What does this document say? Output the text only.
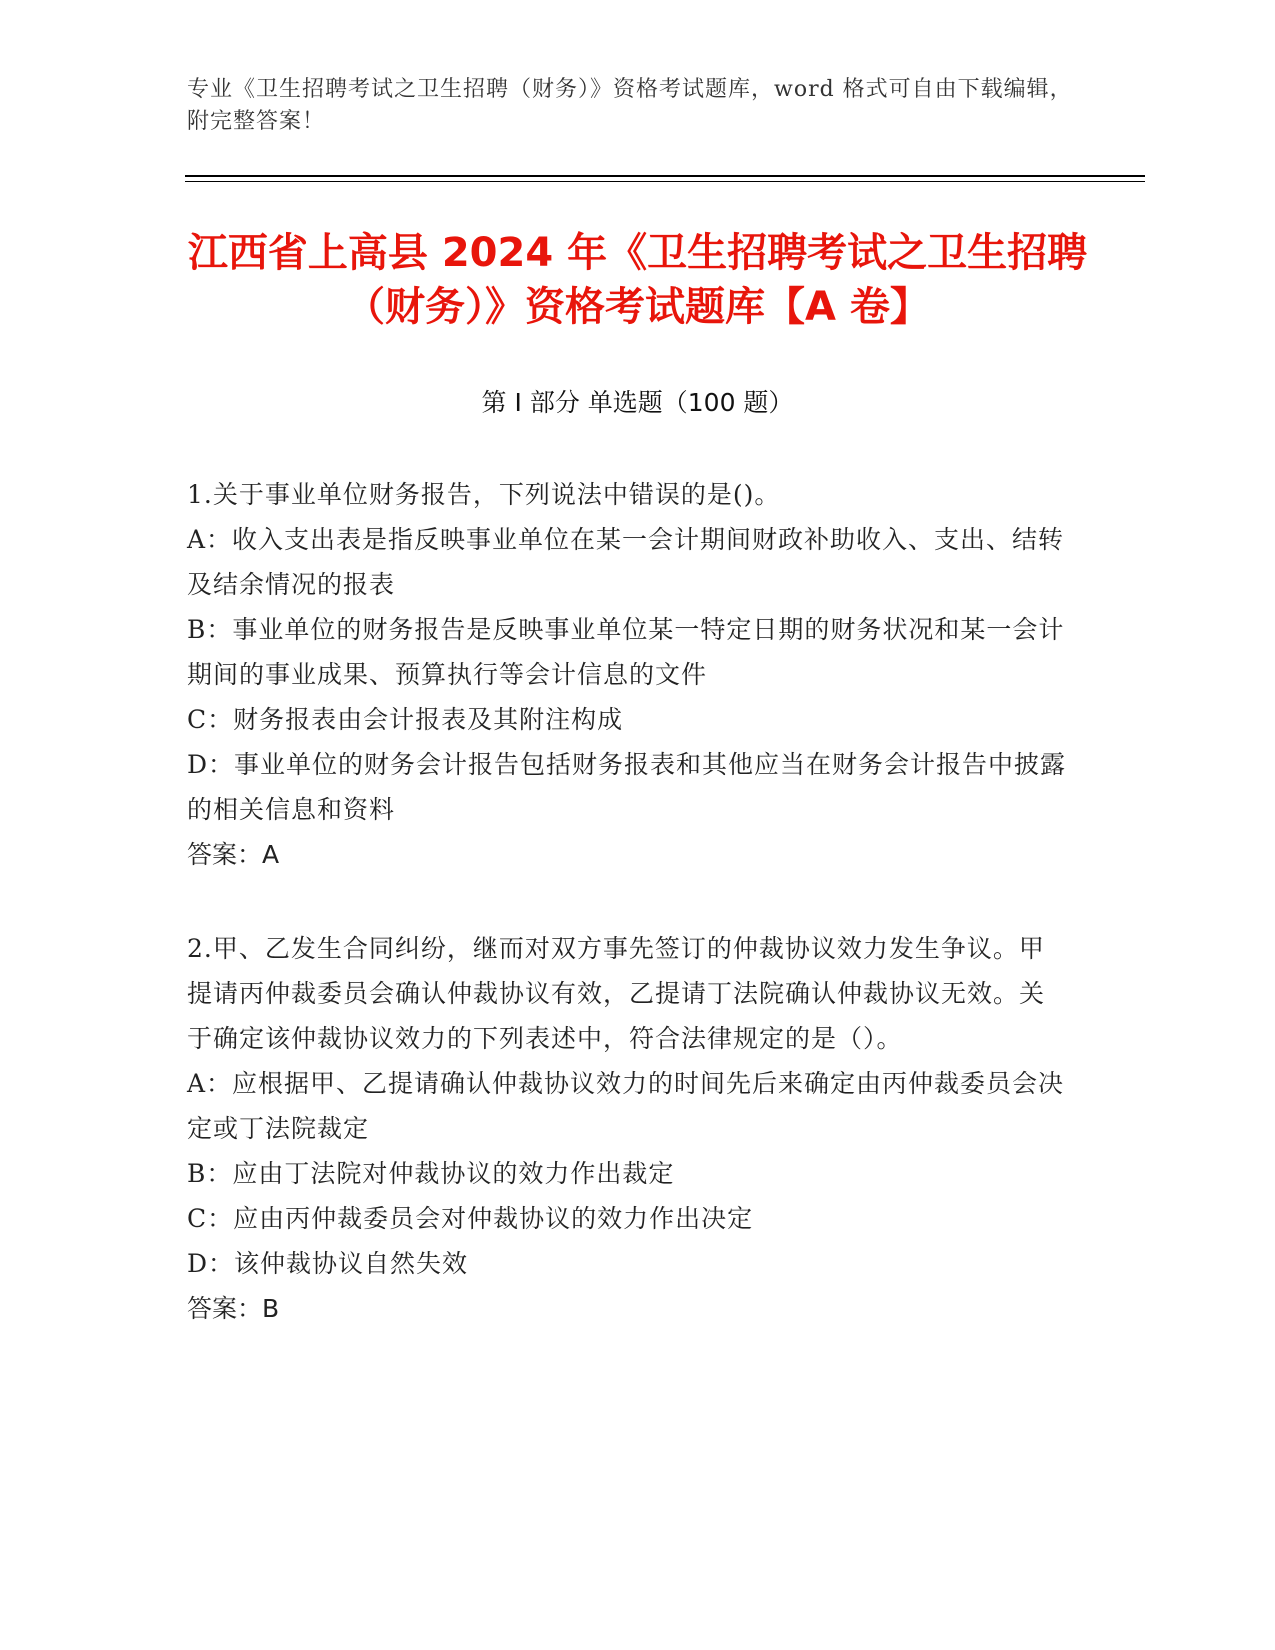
专业《卫生招聘考试之卫生招聘（财务）》资格考试题库，word 格式可自由下载编辑，附完整答案！
江西省上高县 2024 年《卫生招聘考试之卫生招聘（财务）》资格考试题库【A 卷】
第 I 部分 单选题（100 题）
1.关于事业单位财务报告，下列说法中错误的是()。
A：收入支出表是指反映事业单位在某一会计期间财政补助收入、支出、结转及结余情况的报表
B：事业单位的财务报告是反映事业单位某一特定日期的财务状况和某一会计期间的事业成果、预算执行等会计信息的文件
C：财务报表由会计报表及其附注构成
D：事业单位的财务会计报告包括财务报表和其他应当在财务会计报告中披露的相关信息和资料
答案：A
2.甲、乙发生合同纠纷，继而对双方事先签订的仲裁协议效力发生争议。甲提请丙仲裁委员会确认仲裁协议有效，乙提请丁法院确认仲裁协议无效。关于确定该仲裁协议效力的下列表述中，符合法律规定的是（）。
A：应根据甲、乙提请确认仲裁协议效力的时间先后来确定由丙仲裁委员会决定或丁法院裁定
B：应由丁法院对仲裁协议的效力作出裁定
C：应由丙仲裁委员会对仲裁协议的效力作出决定
D：该仲裁协议自然失效
答案：B
